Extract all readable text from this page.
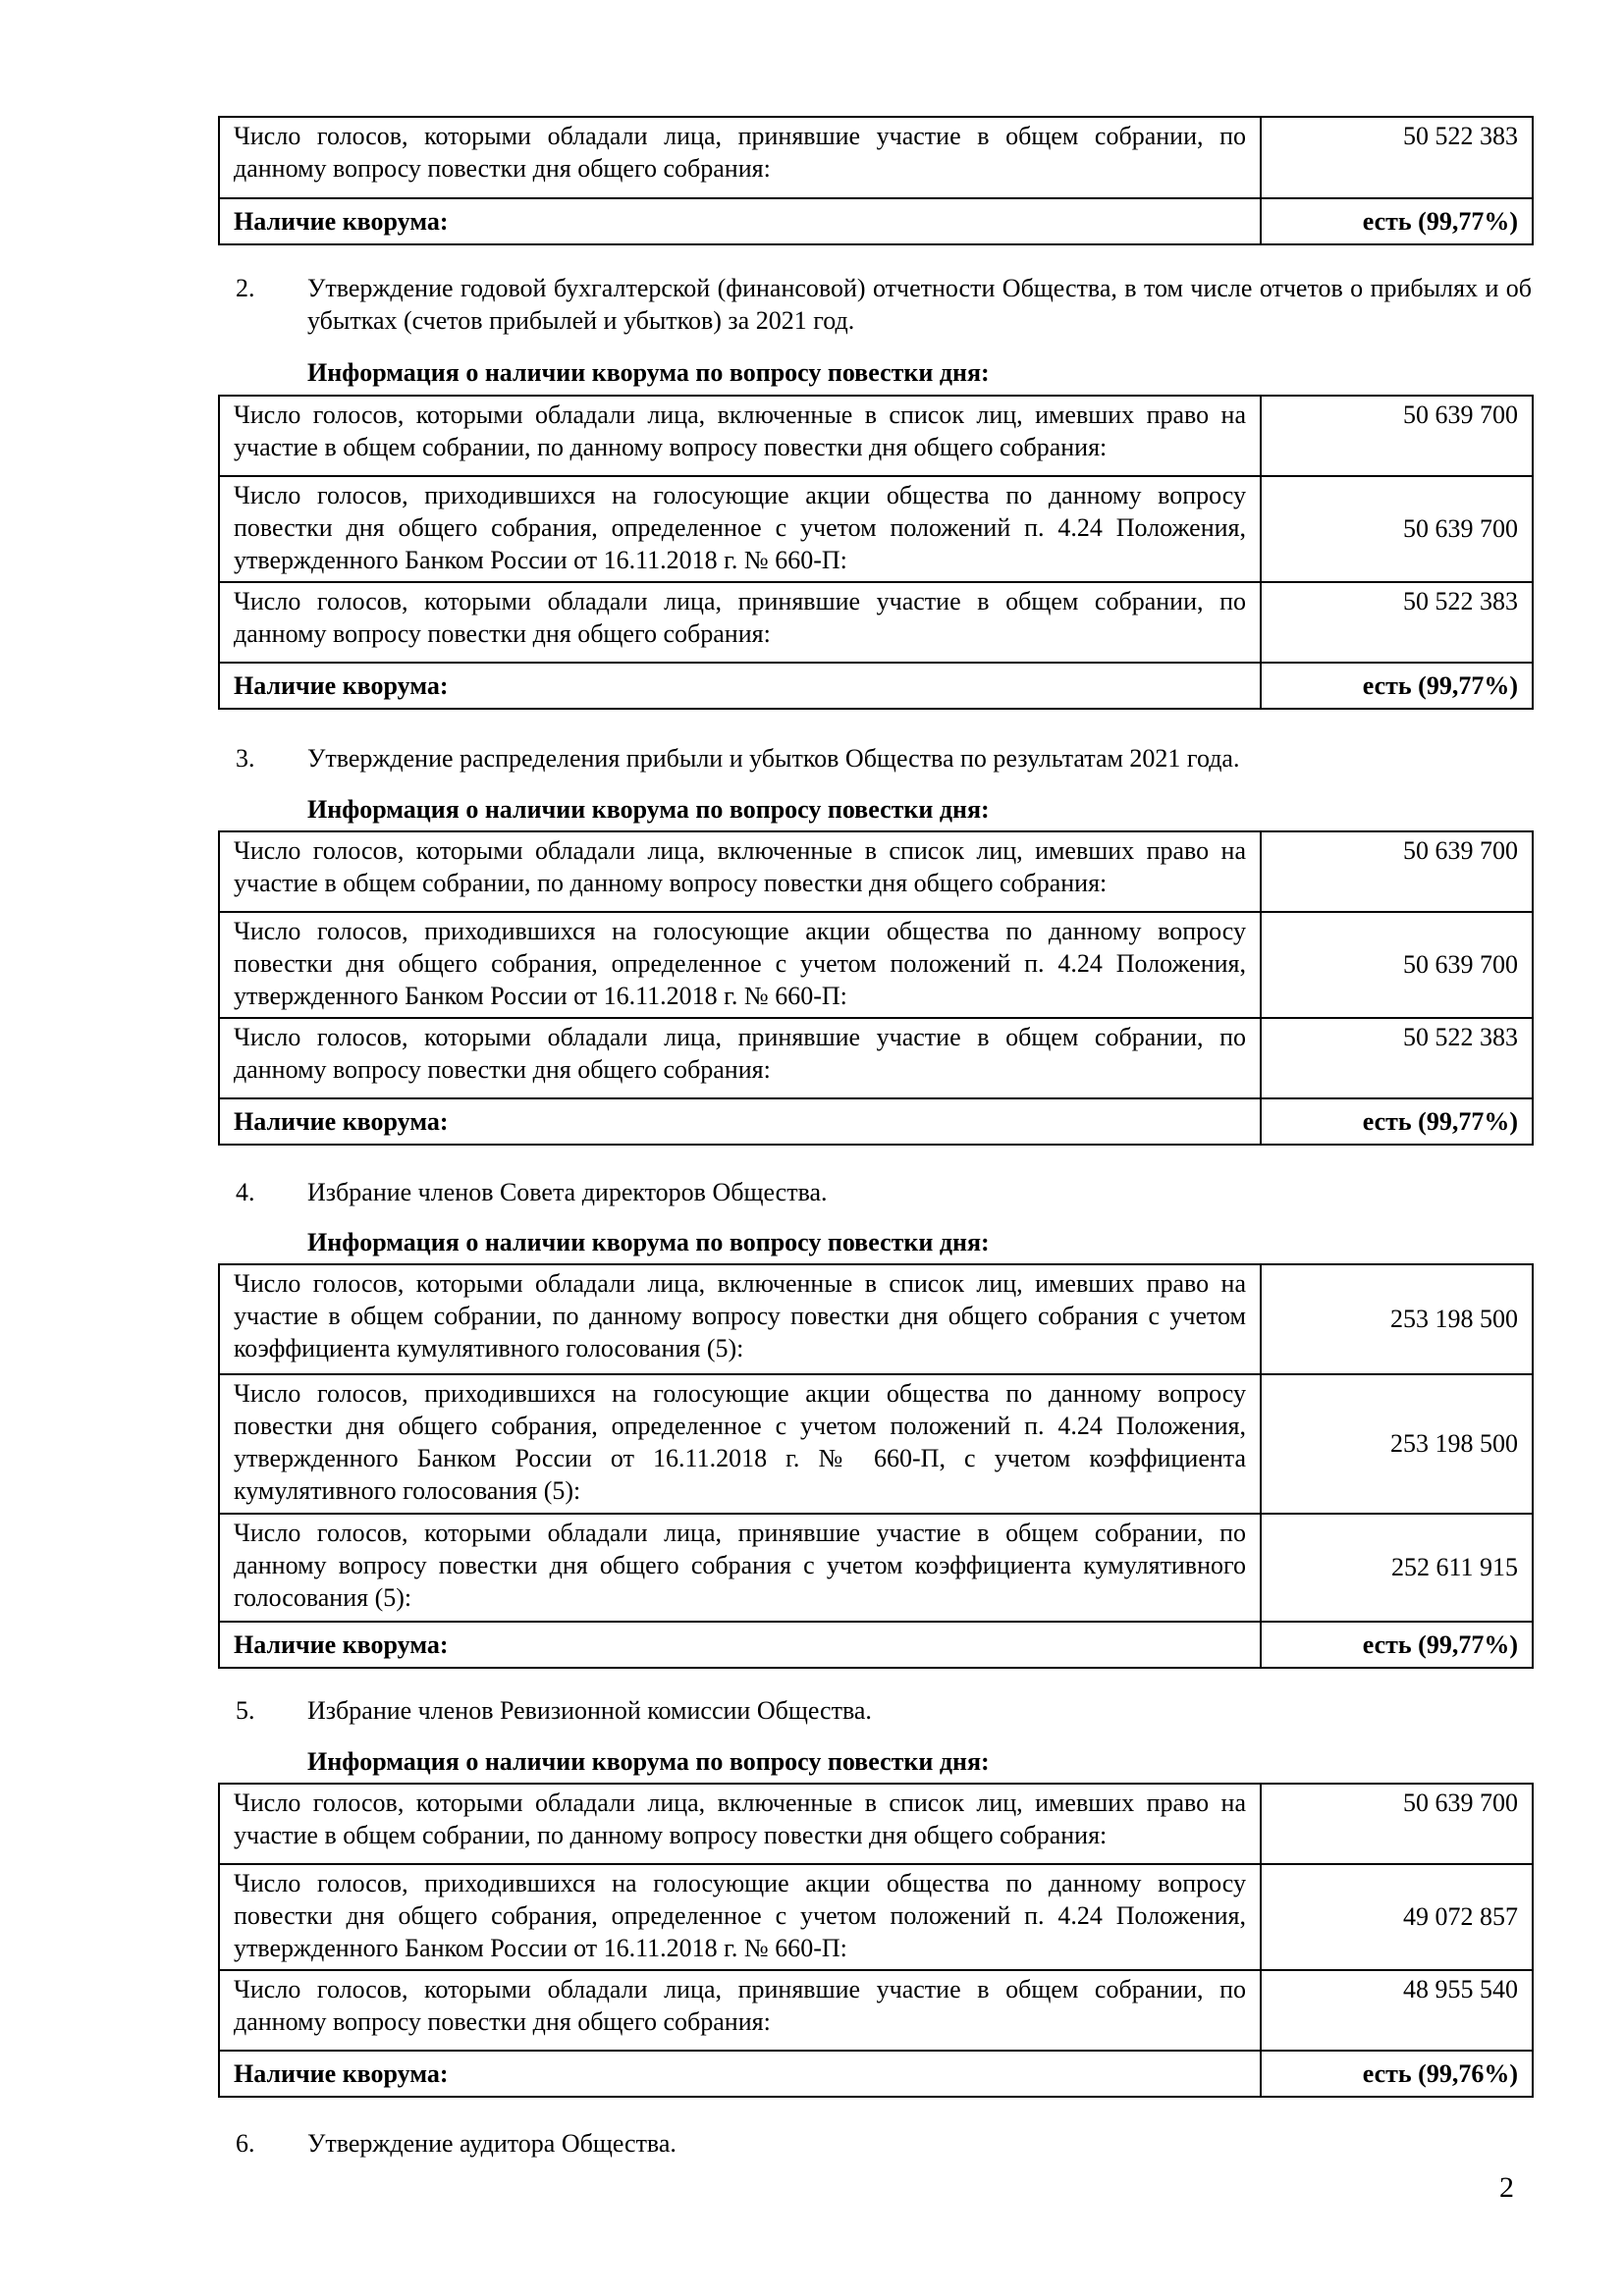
Число голосов, которыми обладали лица, принявшие участие в общем собрании, по данному вопросу повестки дня общего собрания:	50 522 383
Наличие кворума:	есть (99,77%)
2. Утверждение годовой бухгалтерской (финансовой) отчетности Общества, в том числе отчетов о прибылях и об убытках (счетов прибылей и убытков) за 2021 год.
Информация о наличии кворума по вопросу повестки дня:
Число голосов, которыми обладали лица, включенные в список лиц, имевших право на участие в общем собрании, по данному вопросу повестки дня общего собрания:	50 639 700
Число голосов, приходившихся на голосующие акции общества по данному вопросу повестки дня общего собрания, определенное с учетом положений п. 4.24 Положения, утвержденного Банком России от 16.11.2018 г. № 660-П:	50 639 700
Число голосов, которыми обладали лица, принявшие участие в общем собрании, по данному вопросу повестки дня общего собрания:	50 522 383
Наличие кворума:	есть (99,77%)
3. Утверждение распределения прибыли и убытков Общества по результатам 2021 года.
Информация о наличии кворума по вопросу повестки дня:
Число голосов, которыми обладали лица, включенные в список лиц, имевших право на участие в общем собрании, по данному вопросу повестки дня общего собрания:	50 639 700
Число голосов, приходившихся на голосующие акции общества по данному вопросу повестки дня общего собрания, определенное с учетом положений п. 4.24 Положения, утвержденного Банком России от 16.11.2018 г. № 660-П:	50 639 700
Число голосов, которыми обладали лица, принявшие участие в общем собрании, по данному вопросу повестки дня общего собрания:	50 522 383
Наличие кворума:	есть (99,77%)
4. Избрание членов Совета директоров Общества.
Информация о наличии кворума по вопросу повестки дня:
Число голосов, которыми обладали лица, включенные в список лиц, имевших право на участие в общем собрании, по данному вопросу повестки дня общего собрания с учетом коэффициента кумулятивного голосования (5):	253 198 500
Число голосов, приходившихся на голосующие акции общества по данному вопросу повестки дня общего собрания, определенное с учетом положений п. 4.24 Положения, утвержденного Банком России от 16.11.2018 г. № 660-П, с учетом коэффициента кумулятивного голосования (5):	253 198 500
Число голосов, которыми обладали лица, принявшие участие в общем собрании, по данному вопросу повестки дня общего собрания с учетом коэффициента кумулятивного голосования (5):	252 611 915
Наличие кворума:	есть (99,77%)
5. Избрание членов Ревизионной комиссии Общества.
Информация о наличии кворума по вопросу повестки дня:
Число голосов, которыми обладали лица, включенные в список лиц, имевших право на участие в общем собрании, по данному вопросу повестки дня общего собрания:	50 639 700
Число голосов, приходившихся на голосующие акции общества по данному вопросу повестки дня общего собрания, определенное с учетом положений п. 4.24 Положения, утвержденного Банком России от 16.11.2018 г. № 660-П:	49 072 857
Число голосов, которыми обладали лица, принявшие участие в общем собрании, по данному вопросу повестки дня общего собрания:	48 955 540
Наличие кворума:	есть (99,76%)
6. Утверждение аудитора Общества.
2
